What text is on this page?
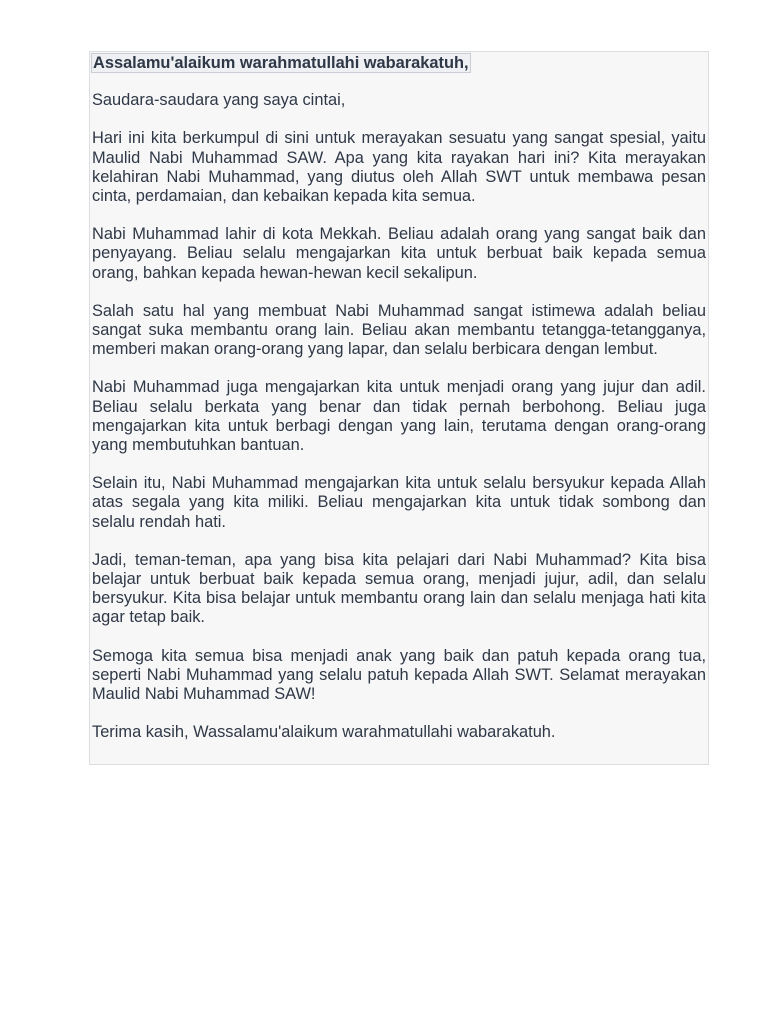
Assalamu'alaikum warahmatullahi wabarakatuh,

Saudara-saudara yang saya cintai,

Hari ini kita berkumpul di sini untuk merayakan sesuatu yang sangat spesial, yaitu Maulid Nabi Muhammad SAW. Apa yang kita rayakan hari ini? Kita merayakan kelahiran Nabi Muhammad, yang diutus oleh Allah SWT untuk membawa pesan cinta, perdamaian, dan kebaikan kepada kita semua.

Nabi Muhammad lahir di kota Mekkah. Beliau adalah orang yang sangat baik dan penyayang. Beliau selalu mengajarkan kita untuk berbuat baik kepada semua orang, bahkan kepada hewan-hewan kecil sekalipun.

Salah satu hal yang membuat Nabi Muhammad sangat istimewa adalah beliau sangat suka membantu orang lain. Beliau akan membantu tetangga-tetangganya, memberi makan orang-orang yang lapar, dan selalu berbicara dengan lembut.

Nabi Muhammad juga mengajarkan kita untuk menjadi orang yang jujur dan adil. Beliau selalu berkata yang benar dan tidak pernah berbohong. Beliau juga mengajarkan kita untuk berbagi dengan yang lain, terutama dengan orang-orang yang membutuhkan bantuan.

Selain itu, Nabi Muhammad mengajarkan kita untuk selalu bersyukur kepada Allah atas segala yang kita miliki. Beliau mengajarkan kita untuk tidak sombong dan selalu rendah hati.

Jadi, teman-teman, apa yang bisa kita pelajari dari Nabi Muhammad? Kita bisa belajar untuk berbuat baik kepada semua orang, menjadi jujur, adil, dan selalu bersyukur. Kita bisa belajar untuk membantu orang lain dan selalu menjaga hati kita agar tetap baik.

Semoga kita semua bisa menjadi anak yang baik dan patuh kepada orang tua, seperti Nabi Muhammad yang selalu patuh kepada Allah SWT. Selamat merayakan Maulid Nabi Muhammad SAW!

Terima kasih, Wassalamu'alaikum warahmatullahi wabarakatuh.
